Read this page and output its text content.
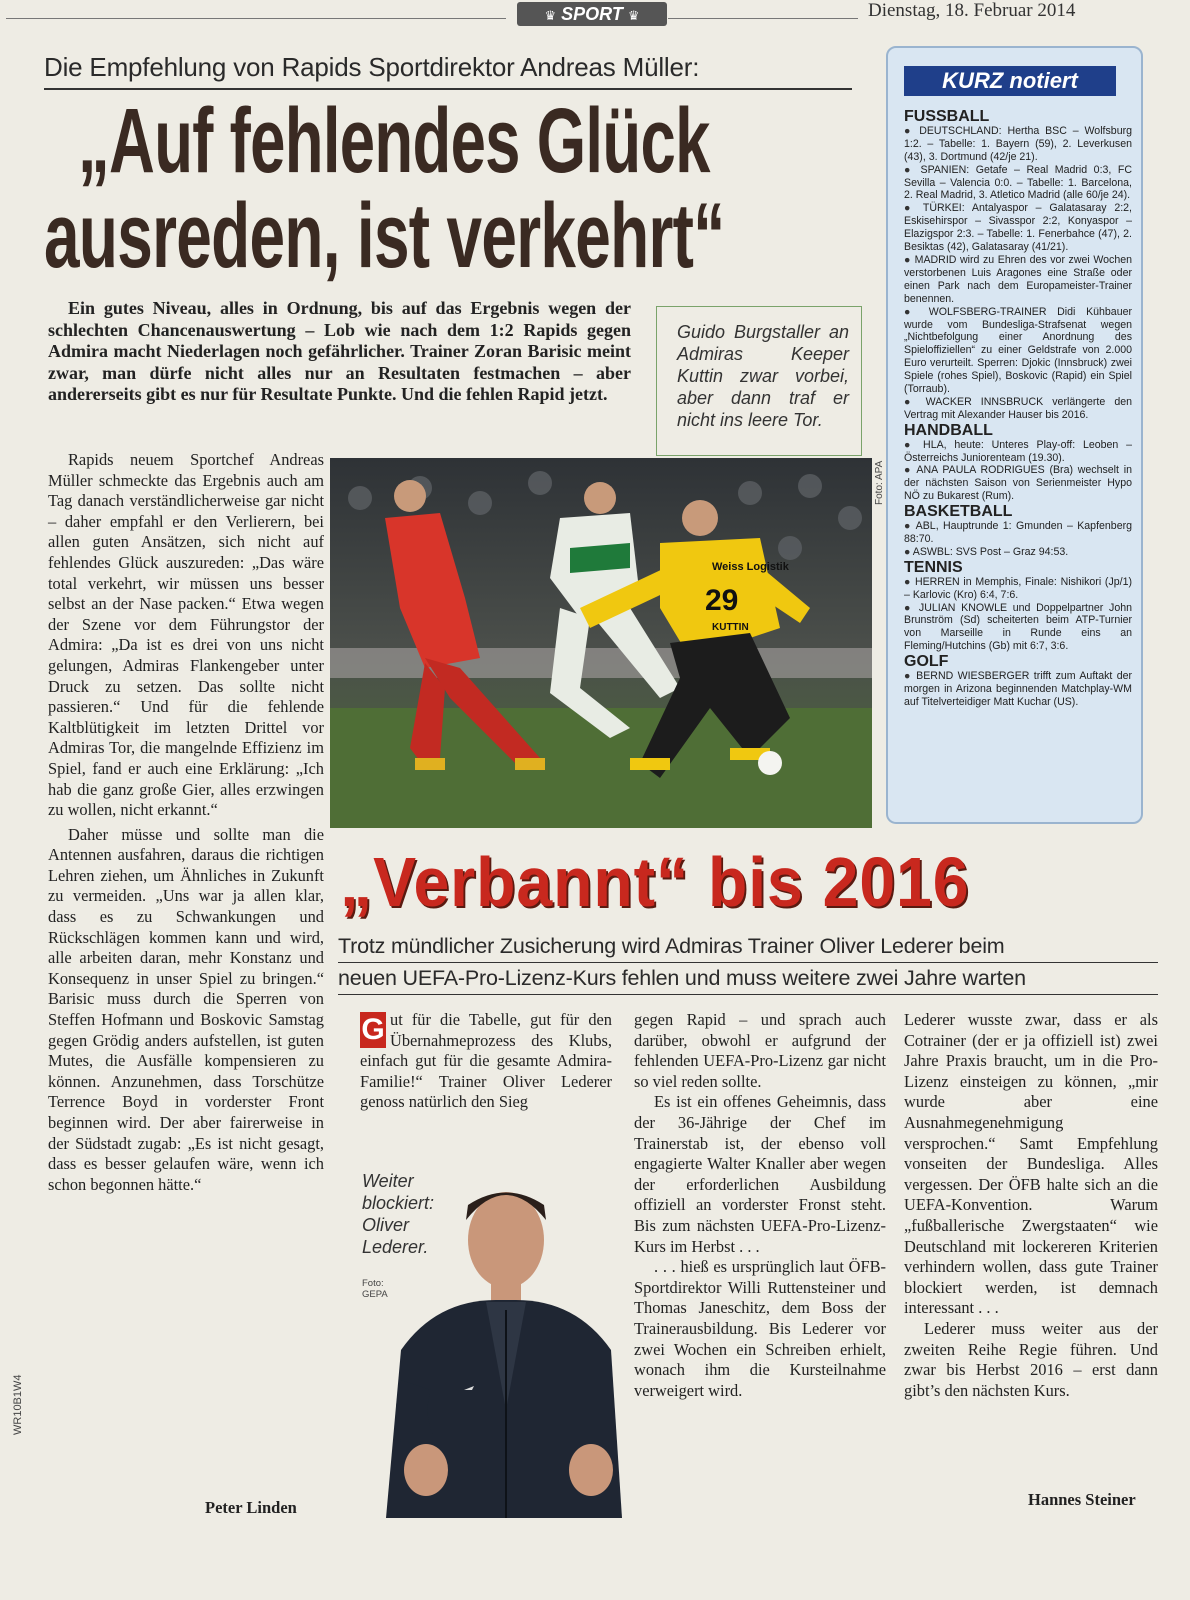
♛ SPORT ♛	Dienstag, 18. Februar 2014
Die Empfehlung von Rapids Sportdirektor Andreas Müller:
„Auf fehlendes Glück
ausreden, ist verkehrt“
Ein gutes Niveau, alles in Ordnung, bis auf das Ergebnis wegen der schlechten Chancenauswertung – Lob wie nach dem 1:2 Rapids gegen Admira macht Niederlagen noch gefährlicher. Trainer Zoran Barisic meint zwar, man dürfe nicht alles nur an Resultaten festmachen – aber andererseits gibt es nur für Resultate Punkte. Und die fehlen Rapid jetzt.
Guido Burgstaller an Admiras Keeper Kuttin zwar vorbei, aber dann traf er nicht ins leere Tor.
Weiss Logistik
29
KUTTIN
Foto: APA

Rapids neuem Sportchef Andreas Müller schmeckte das Ergebnis auch am Tag danach verständlicherweise gar nicht – daher empfahl er den Verlierern, bei allen guten Ansätzen, sich nicht auf fehlendes Glück auszureden: „Das wäre total verkehrt, wir müssen uns besser selbst an der Nase packen.“ Etwa wegen der Szene vor dem Führungstor der Admira: „Da ist es drei von uns nicht gelungen, Admiras Flankengeber unter Druck zu setzen. Das sollte nicht passieren.“ Und für die fehlende Kaltblütigkeit im letzten Drittel vor Admiras Tor, die mangelnde Effizienz im Spiel, fand er auch eine Erklärung: „Ich hab die ganz große Gier, alles erzwingen zu wollen, nicht erkannt.“

Daher müsse und sollte man die Antennen ausfahren, daraus die richtigen Lehren ziehen, um Ähnliches in Zukunft zu vermeiden. „Uns war ja allen klar, dass es zu Schwankungen und Rückschlägen kommen kann und wird, alle arbeiten daran, mehr Konstanz und Konsequenz in unser Spiel zu bringen.“ Barisic muss durch die Sperren von Steffen Hofmann und Boskovic Samstag gegen Grödig anders aufstellen, ist guten Mutes, die Ausfälle kompensieren zu können. Anzunehmen, dass Torschütze Terrence Boyd in vorderster Front beginnen wird. Der aber fairerweise in der Südstadt zugab: „Es ist nicht gesagt, dass es besser gelaufen wäre, wenn ich schon begonnen hätte.“

Peter Linden
WR10B1W4
KURZ notiert
FUSSBALL

● DEUTSCHLAND: Hertha BSC – Wolfsburg 1:2. – Tabelle: 1. Bayern (59), 2. Leverkusen (43), 3. Dortmund (42/je 21).

● SPANIEN: Getafe – Real Madrid 0:3, FC Sevilla – Valencia 0:0. – Tabelle: 1. Barcelona, 2. Real Madrid, 3. Atletico Madrid (alle 60/je 24).

● TÜRKEI: Antalyaspor – Galatasaray 2:2, Eskisehirspor – Sivasspor 2:2, Konyaspor – Elazigspor 2:3. – Tabelle: 1. Fenerbahce (47), 2. Besiktas (42), Galatasaray (41/21).

● MADRID wird zu Ehren des vor zwei Wochen verstorbenen Luis Aragones eine Straße oder einen Park nach dem Europameister-Trainer benennen.

● WOLFSBERG-TRAINER Didi Kühbauer wurde vom Bundesliga-Strafsenat wegen „Nichtbefolgung einer Anordnung des Spieloffiziellen“ zu einer Geldstrafe von 2.000 Euro verurteilt. Sperren: Djokic (Innsbruck) zwei Spiele (rohes Spiel), Boskovic (Rapid) ein Spiel (Torraub).

● WACKER INNSBRUCK verlängerte den Vertrag mit Alexander Hauser bis 2016.

HANDBALL

● HLA, heute: Unteres Play-off: Leoben – Österreichs Juniorenteam (19.30).

● ANA PAULA RODRIGUES (Bra) wechselt in der nächsten Saison von Serienmeister Hypo NÖ zu Bukarest (Rum).

BASKETBALL

● ABL, Hauptrunde 1: Gmunden – Kapfenberg 88:70.

● ASWBL: SVS Post – Graz 94:53.

TENNIS

● HERREN in Memphis, Finale: Nishikori (Jp/1) – Karlovic (Kro) 6:4, 7:6.

● JULIAN KNOWLE und Doppelpartner John Brunström (Sd) scheiterten beim ATP-Turnier von Marseille in Runde eins an Fleming/Hutchins (Gb) mit 6:7, 3:6.

GOLF

● BERND WIESBERGER trifft zum Auftakt der morgen in Arizona beginnenden Matchplay-WM auf Titelverteidiger Matt Kuchar (US).

„Verbannt“ bis 2016
Trotz mündlicher Zusicherung wird Admiras Trainer Oliver Lederer beim
neuen UEFA-Pro-Lizenz-Kurs fehlen und muss weitere zwei Jahre warten
G ut für die Tabelle, gut für den Übernahmeprozess des Klubs, einfach gut für die gesamte Admira-Familie!“ Trainer Oliver Lederer genoss natürlich den Sieg
Weiter blockiert: Oliver Lederer.
Foto: GEPA

gegen Rapid – und sprach auch darüber, obwohl er aufgrund der fehlenden UEFA-Pro-Lizenz gar nicht so viel reden sollte.

Es ist ein offenes Geheimnis, dass der 36-Jährige der Chef im Trainerstab ist, der ebenso voll engagierte Walter Knaller aber wegen der erforderlichen Ausbildung offiziell an vorderster Fronst steht. Bis zum nächsten UEFA-Pro-Lizenz-Kurs im Herbst . . .

. . . hieß es ursprünglich laut ÖFB-Sportdirektor Willi Ruttensteiner und Thomas Janeschitz, dem Boss der Trainerausbildung. Bis Lederer vor zwei Wochen ein Schreiben erhielt, wonach ihm die Kursteilnahme verweigert wird.

Lederer wusste zwar, dass er als Cotrainer (der er ja offiziell ist) zwei Jahre Praxis braucht, um in die Pro-Lizenz einsteigen zu können, „mir wurde aber eine Ausnahmegenehmigung versprochen.“ Samt Empfehlung vonseiten der Bundesliga. Alles vergessen. Der ÖFB halte sich an die UEFA-Konvention. Warum „fußballerische Zwergstaaten“ wie Deutschland mit lockereren Kriterien verhindern wollen, dass gute Trainer blockiert werden, ist demnach interessant . . .

Lederer muss weiter aus der zweiten Reihe Regie führen. Und zwar bis Herbst 2016 – erst dann gibt’s den nächsten Kurs.

Hannes Steiner
